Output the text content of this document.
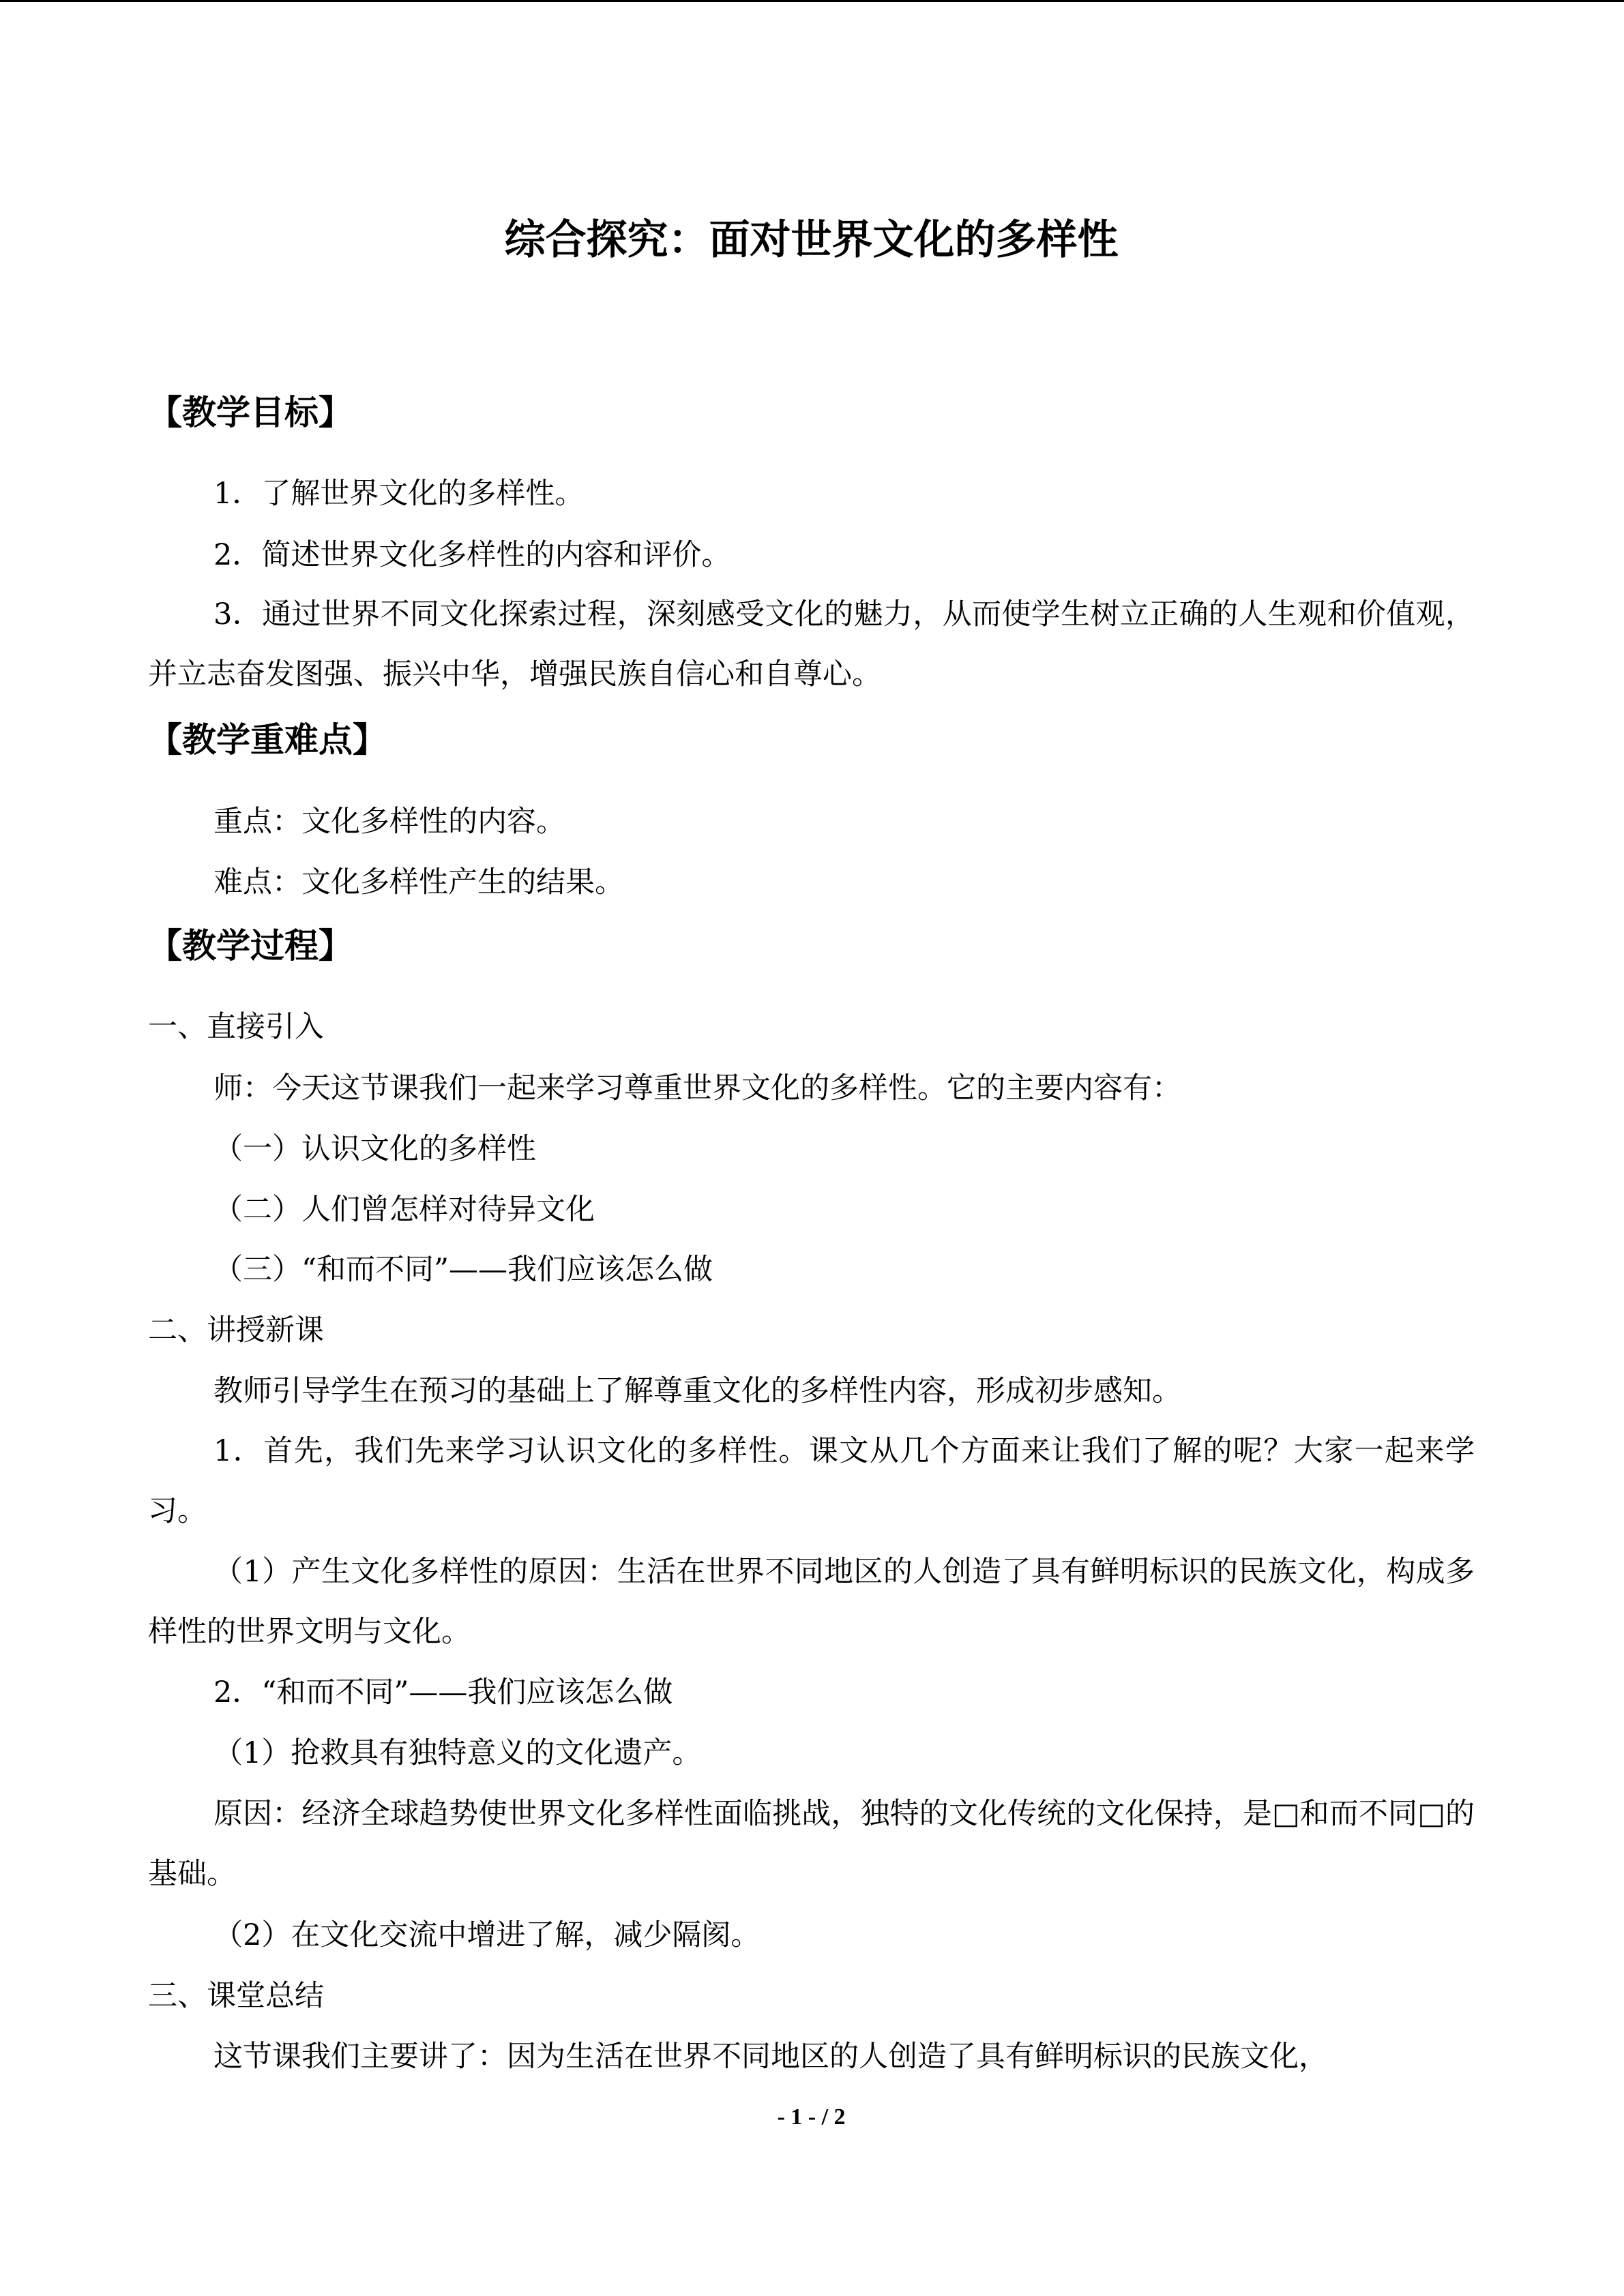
综合探究：面对世界文化的多样性
【教学目标】

1．了解世界文化的多样性。

2．简述世界文化多样性的内容和评价。

3．通过世界不同文化探索过程，深刻感受文化的魅力，从而使学生树立正确的人生观和价值观，并立志奋发图强、振兴中华，增强民族自信心和自尊心。

【教学重难点】

重点：文化多样性的内容。

难点：文化多样性产生的结果。

【教学过程】

一、直接引入

师：今天这节课我们一起来学习尊重世界文化的多样性。它的主要内容有：

（一）认识文化的多样性

（二）人们曾怎样对待异文化

（三）“和而不同”——我们应该怎么做

二、讲授新课

教师引导学生在预习的基础上了解尊重文化的多样性内容，形成初步感知。

1．首先，我们先来学习认识文化的多样性。课文从几个方面来让我们了解的呢？大家一起来学习。

（1）产生文化多样性的原因：生活在世界不同地区的人创造了具有鲜明标识的民族文化，构成多样性的世界文明与文化。

2．“和而不同”——我们应该怎么做

（1）抢救具有独特意义的文化遗产。

原因：经济全球趋势使世界文化多样性面临挑战，独特的文化传统的文化保持，是□和而不同□的基础。

（2）在文化交流中增进了解，减少隔阂。

三、课堂总结

这节课我们主要讲了：因为生活在世界不同地区的人创造了具有鲜明标识的民族文化，

- 1 - / 2
